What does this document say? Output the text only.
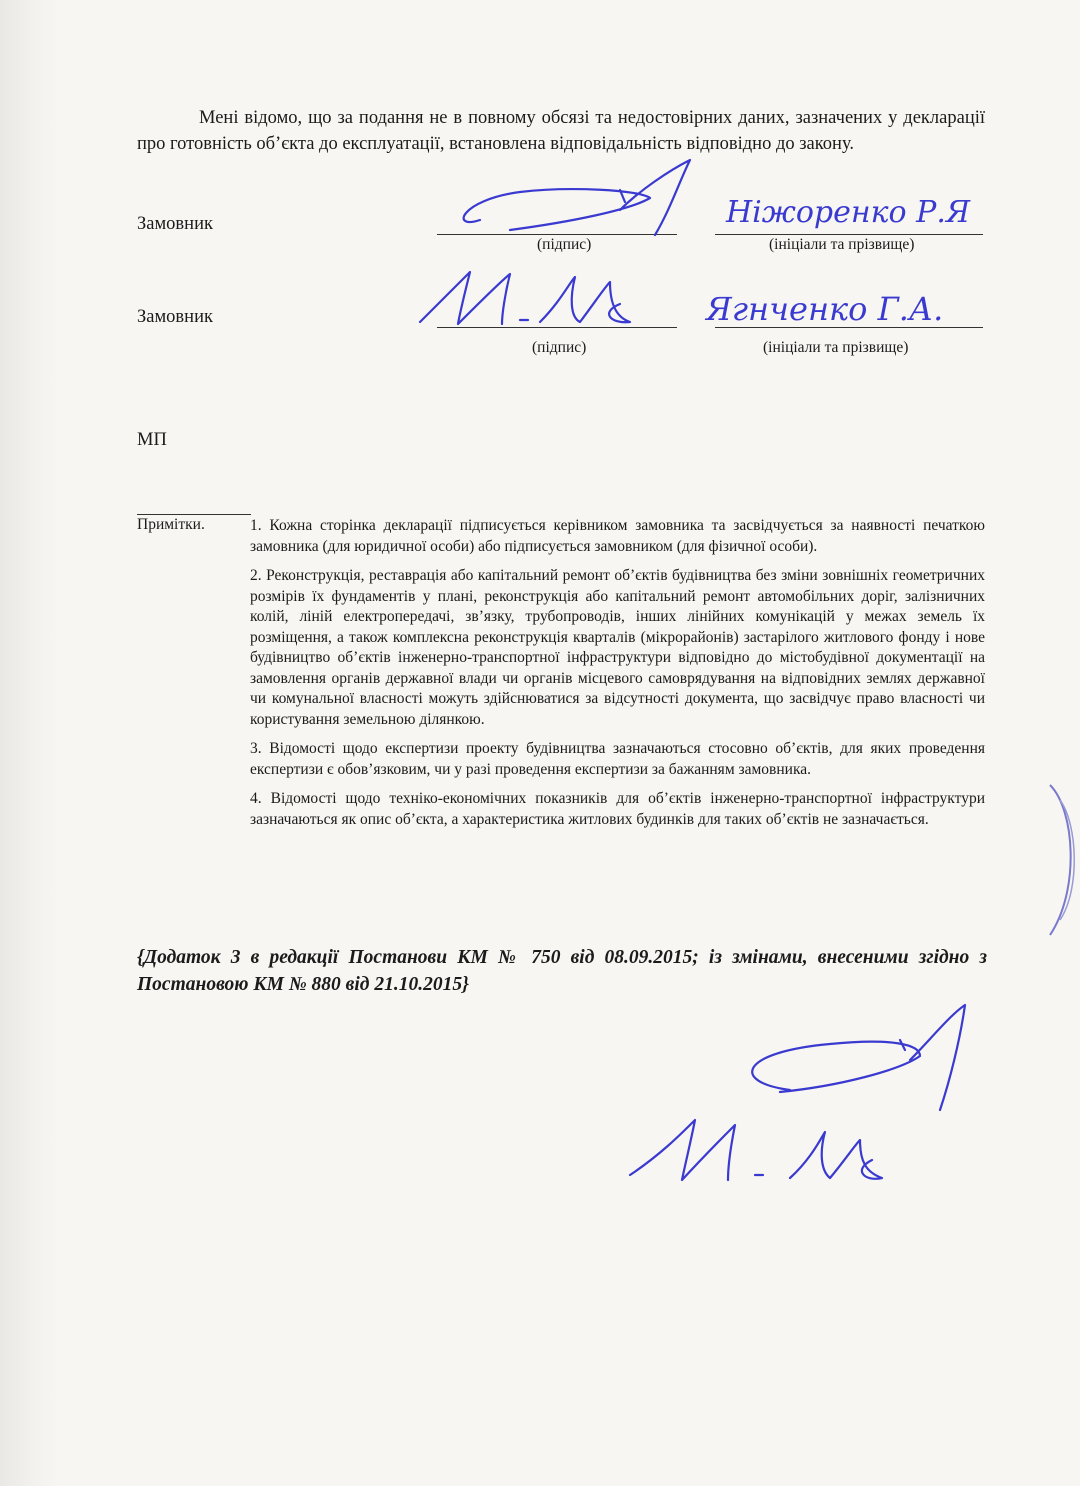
Мені відомо, що за подання не в повному обсязі та недостовірних даних, зазначених у декларації про готовність об’єкта до експлуатації, встановлена відповідальність відповідно до закону.

Замовник
(підпис)	(ініціали та прізвище)
Ніжоренко Р.Я
Замовник
(підпис)	(ініціали та прізвище)
Ягнченко Г.А.
МП
Примітки.	1. Кожна сторінка декларації підписується керівником замовника та засвідчується за наявності печаткою замовника (для юридичної особи) або підписується замовником (для фізичної особи).

2. Реконструкція, реставрація або капітальний ремонт об’єктів будівництва без зміни зовнішніх геометричних розмірів їх фундаментів у плані, реконструкція або капітальний ремонт автомобільних доріг, залізничних колій, ліній електропередачі, зв’язку, трубопроводів, інших лінійних комунікацій у межах земель їх розміщення, а також комплексна реконструкція кварталів (мікрорайонів) застарілого житлового фонду і нове будівництво об’єктів інженерно-транспортної інфраструктури відповідно до містобудівної документації на замовлення органів державної влади чи органів місцевого самоврядування на відповідних землях державної чи комунальної власності можуть здійснюватися за відсутності документа, що засвідчує право власності чи користування земельною ділянкою.

3. Відомості щодо експертизи проекту будівництва зазначаються стосовно об’єктів, для яких проведення експертизи є обов’язковим, чи у разі проведення експертизи за бажанням замовника.

4. Відомості щодо техніко-економічних показників для об’єктів інженерно-транспортної інфраструктури зазначаються як опис об’єкта, а характеристика житлових будинків для таких об’єктів не зазначається.

{Додаток 3 в редакції Постанови КМ № 750 від 08.09.2015; із змінами, внесеними згідно з Постановою КМ № 880 від 21.10.2015}
